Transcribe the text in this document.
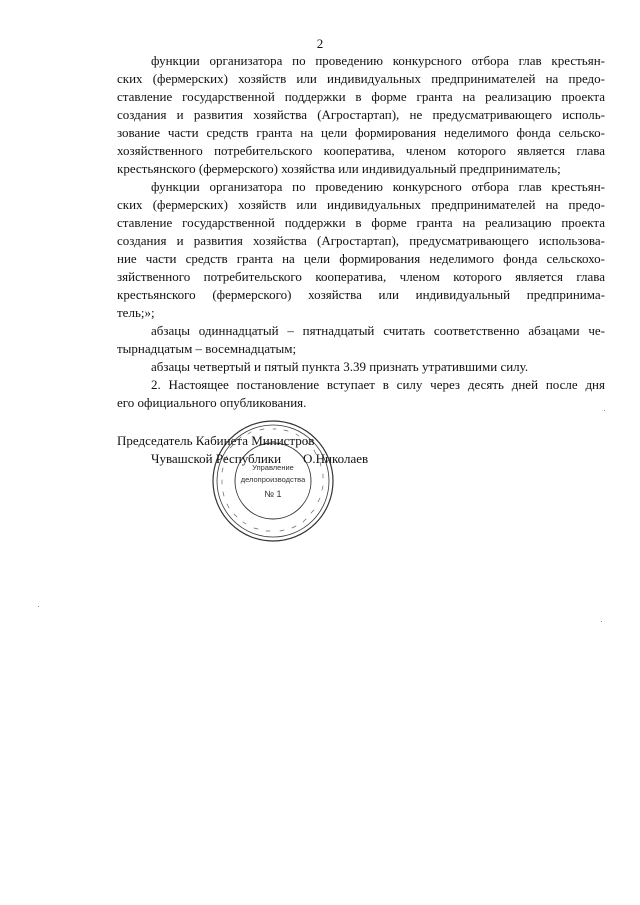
2
функции организатора по проведению конкурсного отбора глав крестьян-
ских (фермерских) хозяйств или индивидуальных предпринимателей на предо-
ставление государственной поддержки в форме гранта на реализацию проекта
создания и развития хозяйства (Агростартап), не предусматривающего исполь-
зование части средств гранта на цели формирования неделимого фонда сельско-
хозяйственного потребительского кооператива, членом которого является глава
крестьянского (фермерского) хозяйства или индивидуальный предприниматель;
функции организатора по проведению конкурсного отбора глав крестьян-
ских (фермерских) хозяйств или индивидуальных предпринимателей на предо-
ставление государственной поддержки в форме гранта на реализацию проекта
создания и развития хозяйства (Агростартап), предусматривающего использова-
ние части средств гранта на цели формирования неделимого фонда сельскохо-
зяйственного потребительского кооператива, членом которого является глава
крестьянского (фермерского) хозяйства или индивидуальный предпринима-
тель;»;
абзацы одиннадцатый – пятнадцатый считать соответственно абзацами че-
тырнадцатым – восемнадцатым;
абзацы четвертый и пятый пункта 3.39 признать утратившими силу.
2. Настоящее постановление вступает в силу через десять дней после дня
его официального опубликования.
Управление
делопроизводства
№ 1
Председатель Кабинета Министров
Чувашской Республики О.Николаев
